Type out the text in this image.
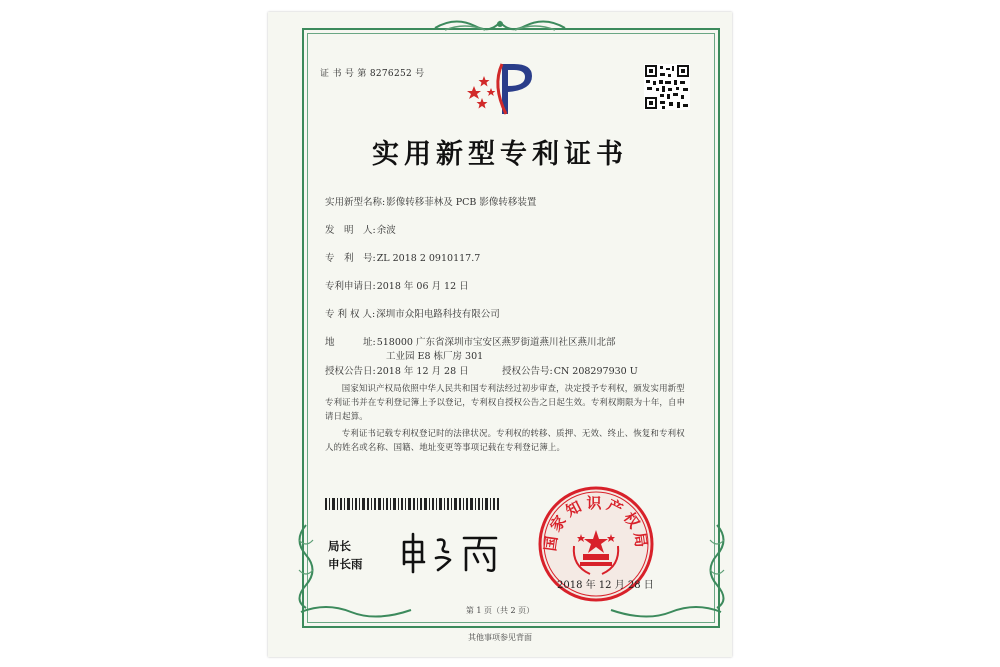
证 书 号 第 8276252 号
实用新型专利证书
实用新型名称:影像转移菲林及 PCB 影像转移装置
发　明　人:余波
专　利　号:ZL 2018 2 0910117.7
专利申请日:2018 年 06 月 12 日
专 利 权 人:深圳市众阳电路科技有限公司
地　　　址:518000 广东省深圳市宝安区燕罗街道燕川社区燕川北部
工业园 E8 栋厂房 301
授权公告日:2018 年 12 月 28 日	授权公告号:CN 208297930 U
国家知识产权局依照中华人民共和国专利法经过初步审查，决定授予专利权，颁发实用新型专利证书并在专利登记簿上予以登记，专利权自授权公告之日起生效。专利权期限为十年，自申请日起算。
专利证书记载专利权登记时的法律状况。专利权的转移、质押、无效、终止、恢复和专利权人的姓名或名称、国籍、地址变更等事项记载在专利登记簿上。
局长
申长雨
国家知识产权局
2018 年 12 月 28 日
第 1 页（共 2 页）
其他事项参见背面
